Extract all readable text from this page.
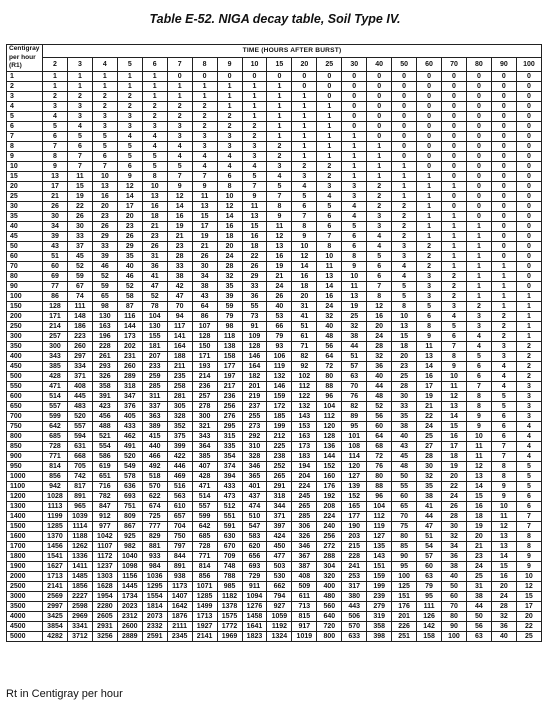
Table E-52. NIGA decay table, Soil Type IV.
Centigray
per hour
(R1)	TIME (HOURS AFTER BURST)																			
	2	3	4	5	6	7	8	9	10	15	20	25	30	40	50	60	70	80	90	100
1	1	1	1	1	1	0	0	0	0	0	0	0	0	0	0	0	0	0	0	0
2	1	1	1	1	1	1	1	1	1	1	0	0	0	0	0	0	0	0	0	0
3	2	2	2	2	1	1	1	1	1	1	1	0	0	0	0	0	0	0	0	0
4	3	3	2	2	2	2	2	1	1	1	1	1	0	0	0	0	0	0	0	0
5	4	3	3	3	2	2	2	2	1	1	1	1	0	0	0	0	0	0	0	0
6	5	4	3	3	3	3	2	2	2	1	1	1	0	0	0	0	0	0	0	0
7	6	5	5	4	4	3	3	3	2	1	1	1	1	0	0	0	0	0	0	0
8	7	6	5	5	4	4	3	3	3	2	1	1	1	1	0	0	0	0	0	0
9	8	7	6	5	5	4	4	4	3	2	1	1	1	1	0	0	0	0	0	0
10	9	7	7	6	5	5	4	4	4	3	2	2	1	1	1	0	0	0	0	0
15	13	11	10	9	8	7	7	6	5	4	3	2	1	1	1	1	0	0	0	0
20	17	15	13	12	10	9	9	8	7	5	4	3	3	2	1	1	1	0	0	0
25	21	19	16	14	13	12	11	10	9	7	5	4	3	2	1	1	0	0	0	0
30	26	22	20	17	16	14	13	12	11	8	6	5	4	2	2	1	0	0	0	0
35	30	26	23	20	18	16	15	14	13	9	7	6	4	3	2	1	1	0	0	0
40	34	30	26	23	21	19	17	16	15	11	8	6	5	3	2	1	1	1	0	0
45	39	33	29	26	23	21	19	18	16	12	9	7	6	4	2	1	1	1	0	0
50	43	37	33	29	26	23	21	20	18	13	10	8	6	4	3	2	1	1	0	0
60	51	45	39	35	31	28	26	24	22	16	12	10	8	5	3	2	1	1	0	0
70	60	52	46	40	36	33	30	28	26	19	14	11	9	6	4	2	1	1	1	0
80	69	59	52	46	41	38	34	32	29	21	16	13	10	6	4	3	2	1	1	0
90	77	67	59	52	47	42	38	35	33	24	18	14	11	7	5	3	2	1	1	0
100	86	74	65	58	52	47	43	39	36	26	20	16	13	8	5	3	2	1	1	1
150	128	111	98	87	78	70	64	59	55	40	31	24	19	12	8	5	3	2	1	1
200	171	148	130	116	104	94	86	79	73	53	41	32	25	16	10	6	4	3	2	1
250	214	186	163	144	130	117	107	98	91	66	51	40	32	20	13	8	5	3	2	1
300	257	223	196	173	155	141	128	118	109	79	61	48	38	24	15	9	6	4	2	1
350	300	260	228	202	181	164	150	138	128	93	71	56	44	28	18	11	7	4	3	2
400	343	297	261	231	207	188	171	158	146	106	82	64	51	32	20	13	8	5	3	2
450	385	334	293	260	233	211	193	177	164	119	92	72	57	36	23	14	9	6	4	2
500	428	371	326	289	259	235	214	197	182	132	102	80	63	40	25	16	10	6	4	2
550	471	408	358	318	285	258	236	217	201	146	112	88	70	44	28	17	11	7	4	3
600	514	445	391	347	311	281	257	236	219	159	122	96	76	48	30	19	12	8	5	3
650	557	483	423	376	337	305	278	256	237	172	132	104	82	52	33	21	13	8	5	3
700	599	520	456	405	363	328	300	276	255	185	143	112	89	56	35	22	14	9	6	3
750	642	557	488	433	389	352	321	295	273	199	153	120	95	60	38	24	15	9	6	4
800	685	594	521	462	415	375	343	315	292	212	163	128	101	64	40	25	16	10	6	4
850	728	631	554	491	440	399	364	335	310	225	173	136	108	68	43	27	17	11	7	4
900	771	668	586	520	466	422	385	354	328	238	183	144	114	72	45	28	18	11	7	4
950	814	705	619	549	492	446	407	374	346	252	194	152	120	76	48	30	19	12	8	5
1000	856	742	651	578	518	469	428	394	365	265	204	160	127	80	50	32	20	13	8	5
1100	942	817	716	636	570	516	471	433	401	291	224	176	139	88	55	35	22	14	9	5
1200	1028	891	782	693	622	563	514	473	437	318	245	192	152	96	60	38	24	15	9	6
1300	1113	965	847	751	674	610	557	512	474	344	265	208	165	104	65	41	26	16	10	6
1400	1199	1039	912	809	725	657	599	551	510	371	285	224	177	112	70	44	28	18	11	7
1500	1285	1114	977	867	777	704	642	591	547	397	306	240	190	119	75	47	30	19	12	7
1600	1370	1188	1042	925	829	750	685	630	583	424	326	256	203	127	80	51	32	20	13	8
1700	1456	1262	1107	982	881	797	728	670	620	450	346	272	215	135	85	54	34	21	13	8
1800	1541	1336	1172	1040	933	844	771	709	656	477	367	288	228	143	90	57	36	23	14	9
1900	1627	1411	1237	1098	984	891	814	748	693	503	387	304	241	151	95	60	38	24	15	9
2000	1713	1485	1303	1156	1036	938	856	788	729	530	408	320	253	159	100	63	40	25	16	10
2500	2141	1856	1628	1445	1295	1173	1071	985	911	662	509	400	317	199	125	79	50	31	20	12
3000	2569	2227	1954	1734	1554	1407	1285	1182	1094	794	611	480	380	239	151	95	60	38	24	15
3500	2997	2598	2280	2023	1814	1642	1499	1378	1276	927	713	560	443	279	176	111	70	44	28	17
4000	3425	2969	2605	2312	2073	1876	1713	1575	1458	1059	815	640	506	319	201	126	80	50	32	20
4500	3854	3341	2931	2600	2332	2111	1927	1772	1641	1192	917	720	570	358	226	142	90	56	36	22
5000	4282	3712	3256	2889	2591	2345	2141	1969	1823	1324	1019	800	633	398	251	158	100	63	40	25
Rt in Centigray per hour
